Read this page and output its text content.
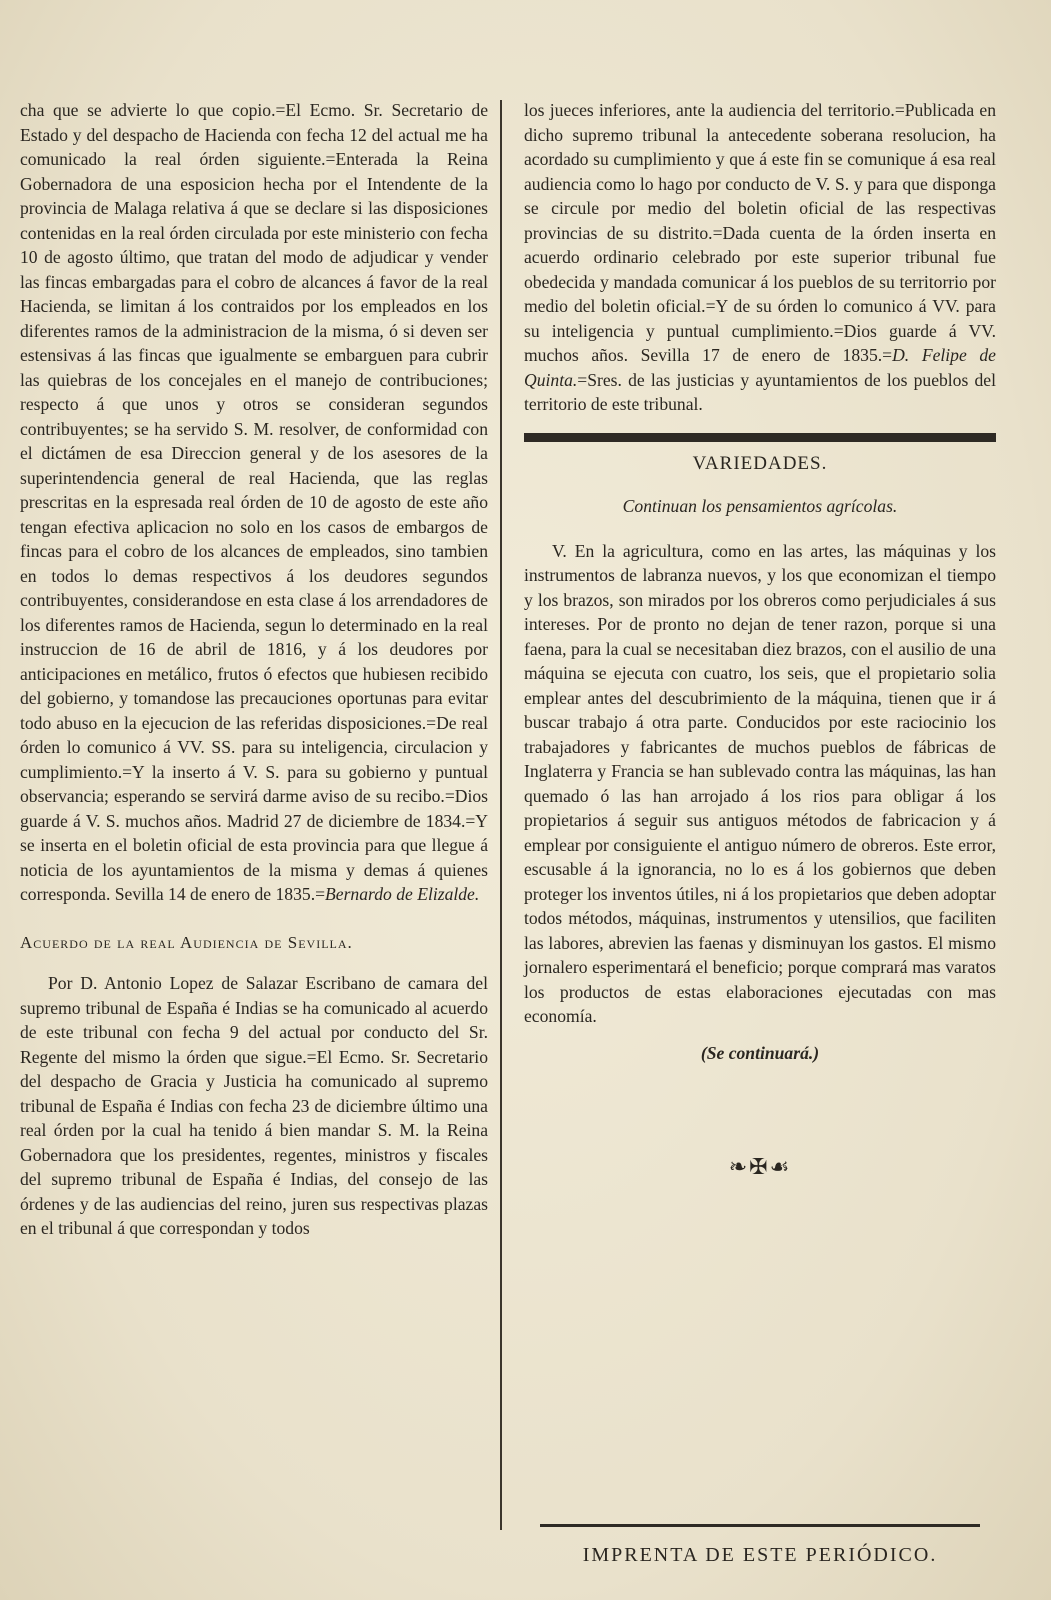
cha que se advierte lo que copio.=El Ecmo. Sr. Secretario de Estado y del despacho de Hacienda con fecha 12 del actual me ha comunicado la real órden siguiente.=Enterada la Reina Gobernadora de una esposicion hecha por el Intendente de la provincia de Malaga relativa á que se declare si las disposiciones contenidas en la real órden circulada por este ministerio con fecha 10 de agosto último, que tratan del modo de adjudicar y vender las fincas embargadas para el cobro de alcances á favor de la real Hacienda, se limitan á los contraidos por los empleados en los diferentes ramos de la administracion de la misma, ó si deven ser estensivas á las fincas que igualmente se embarguen para cubrir las quiebras de los concejales en el manejo de contribuciones; respecto á que unos y otros se consideran segundos contribuyentes; se ha servido S. M. resolver, de conformidad con el dictámen de esa Direccion general y de los asesores de la superintendencia general de real Hacienda, que las reglas prescritas en la espresada real órden de 10 de agosto de este año tengan efectiva aplicacion no solo en los casos de embargos de fincas para el cobro de los alcances de empleados, sino tambien en todos lo demas respectivos á los deudores segundos contribuyentes, considerandose en esta clase á los arrendadores de los diferentes ramos de Hacienda, segun lo determinado en la real instruccion de 16 de abril de 1816, y á los deudores por anticipaciones en metálico, frutos ó efectos que hubiesen recibido del gobierno, y tomandose las precauciones oportunas para evitar todo abuso en la ejecucion de las referidas disposiciones.=De real órden lo comunico á VV. SS. para su inteligencia, circulacion y cumplimiento.=Y la inserto á V. S. para su gobierno y puntual observancia; esperando se servirá darme aviso de su recibo.=Dios guarde á V. S. muchos años. Madrid 27 de diciembre de 1834.=Y se inserta en el boletin oficial de esta provincia para que llegue á noticia de los ayuntamientos de la misma y demas á quienes corresponda. Sevilla 14 de enero de 1835.=Bernardo de Elizalde.

Acuerdo de la real Audiencia de Sevilla.

Por D. Antonio Lopez de Salazar Escribano de camara del supremo tribunal de España é Indias se ha comunicado al acuerdo de este tribunal con fecha 9 del actual por conducto del Sr. Regente del mismo la órden que sigue.=El Ecmo. Sr. Secretario del despacho de Gracia y Justicia ha comunicado al supremo tribunal de España é Indias con fecha 23 de diciembre último una real órden por la cual ha tenido á bien mandar S. M. la Reina Gobernadora que los presidentes, regentes, ministros y fiscales del supremo tribunal de España é Indias, del consejo de las órdenes y de las audiencias del reino, juren sus respectivas plazas en el tribunal á que correspondan y todos

los jueces inferiores, ante la audiencia del territorio.=Publicada en dicho supremo tribunal la antecedente soberana resolucion, ha acordado su cumplimiento y que á este fin se comunique á esa real audiencia como lo hago por conducto de V. S. y para que disponga se circule por medio del boletin oficial de las respectivas provincias de su distrito.=Dada cuenta de la órden inserta en acuerdo ordinario celebrado por este superior tribunal fue obedecida y mandada comunicar á los pueblos de su territorrio por medio del boletin oficial.=Y de su órden lo comunico á VV. para su inteligencia y puntual cumplimiento.=Dios guarde á VV. muchos años. Sevilla 17 de enero de 1835.=D. Felipe de Quinta.=Sres. de las justicias y ayuntamientos de los pueblos del territorio de este tribunal.

VARIEDADES.

Continuan los pensamientos agrícolas.

V. En la agricultura, como en las artes, las máquinas y los instrumentos de labranza nuevos, y los que economizan el tiempo y los brazos, son mirados por los obreros como perjudiciales á sus intereses. Por de pronto no dejan de tener razon, porque si una faena, para la cual se necesitaban diez brazos, con el ausilio de una máquina se ejecuta con cuatro, los seis, que el propietario solia emplear antes del descubrimiento de la máquina, tienen que ir á buscar trabajo á otra parte. Conducidos por este raciocinio los trabajadores y fabricantes de muchos pueblos de fábricas de Inglaterra y Francia se han sublevado contra las máquinas, las han quemado ó las han arrojado á los rios para obligar á los propietarios á seguir sus antiguos métodos de fabricacion y á emplear por consiguiente el antiguo número de obreros. Este error, escusable á la ignorancia, no lo es á los gobiernos que deben proteger los inventos útiles, ni á los propietarios que deben adoptar todos métodos, máquinas, instrumentos y utensilios, que faciliten las labores, abrevien las faenas y disminuyan los gastos. El mismo jornalero esperimentará el beneficio; porque comprará mas varatos los productos de estas elaboraciones ejecutadas con mas economía.

(Se continuará.)

❧✠☙
IMPRENTA DE ESTE PERIÓDICO.
